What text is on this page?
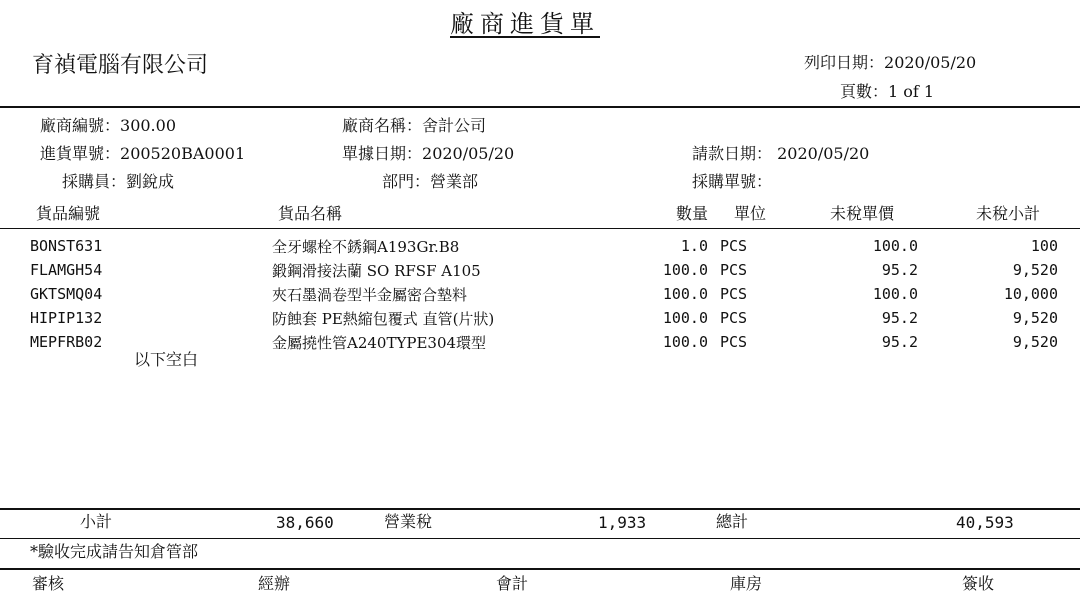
廠商進貨單
育禎電腦有限公司	列印日期：2020/05/20
頁數：1 of 1
廠商編號：300.00	廠商名稱：舍計公司
進貨單號：200520BA0001	單據日期：2020/05/20	請款日期： 2020/05/20
採購員：劉銳成	部門：營業部	採購單號：
貨品編號	貨品名稱	數量 單位	未稅單價	未稅小計
BONST631	全牙螺栓不銹鋼A193Gr.B8	1.0	PCS	100.0	100
FLAMGH54	鍛鋼滑接法蘭 SO RFSF A105	100.0	PCS	95.2	9,520
GKTSMQ04	夾石墨渦卷型半金屬密合墊料	100.0	PCS	100.0	10,000
HIPIP132	防蝕套 PE熱縮包覆式 直管(片狀)	100.0	PCS	95.2	9,520
MEPFRB02	金屬撓性管A240TYPE304環型	100.0	PCS	95.2	9,520
以下空白
小計	38,660	營業稅	1,933	總計	40,593
*驗收完成請告知倉管部
審核	經辦	會計	庫房	簽收
